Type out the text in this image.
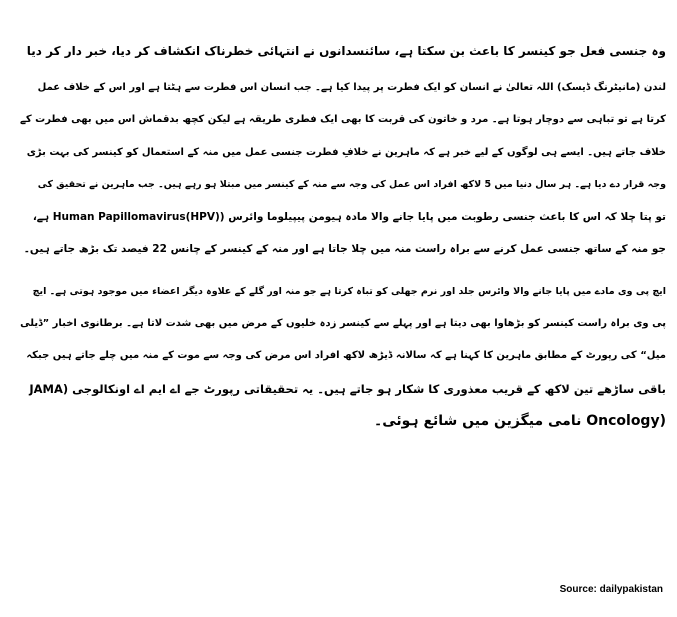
وہ جنسی فعل جو کینسر کا باعث بن سکتا ہے، سائنسدانوں نے انتہائی خطرناک انکشاف کر دیا، خبر دار کر دیا

لندن (مانیٹرنگ ڈیسک) اللہ تعالیٰ نے انسان کو ایک فطرت پر پیدا کیا ہے۔ جب انسان اس فطرت سے ہٹتا ہے اور اس کے خلاف عمل
کرتا ہے تو تباہی سے دوچار ہوتا ہے۔ مرد و خاتون کی قربت کا بھی ایک فطری طریقہ ہے لیکن کچھ بدقماش اس میں بھی فطرت کے
خلاف جاتے ہیں۔ ایسے ہی لوگوں کے لیے خبر ہے کہ ماہرین نے خلافِ فطرت جنسی عمل میں منہ کے استعمال کو کینسر کی بہت بڑی
وجہ قرار دے دیا ہے۔ ہر سال دنیا میں 5 لاکھ افراد اس عمل کی وجہ سے منہ کے کینسر میں مبتلا ہو رہے ہیں۔ جب ماہرین نے تحقیق کی
تو پتا چلا کہ اس کا باعث جنسی رطوبت میں پایا جانے والا مادہ ہیومن پیپیلوما وائرس (Human Papillomavirus(HPV) ہے،
جو منہ کے ساتھ جنسی عمل کرنے سے براہ راست منہ میں چلا جاتا ہے اور منہ کے کینسر کے چانس 22 فیصد تک بڑھ جاتے ہیں۔

ایچ پی وی مادے میں پایا جانے والا وائرس جلد اور نرم جھلی کو تباہ کرتا ہے جو منہ اور گلے کے علاوہ دیگر اعضاء میں موجود ہوتی ہے۔ ایچ
پی وی براہ راست کینسر کو بڑھاوا بھی دیتا ہے اور پہلے سے کینسر زدہ خلیوں کے مرض میں بھی شدت لاتا ہے۔ برطانوی اخبار ”ڈیلی
میل“ کی رپورٹ کے مطابق ماہرین کا کہنا ہے کہ سالانہ ڈیڑھ لاکھ افراد اس مرض کی وجہ سے موت کے منہ میں چلے جاتے ہیں جبکہ
باقی ساڑھے تین لاکھ کے قریب معذوری کا شکار ہو جاتے ہیں۔ یہ تحقیقاتی رپورٹ جے اے ایم اے اونکالوجی (JAMA
(Oncology نامی میگزین میں شائع ہوئی۔

Source: dailypakistan
